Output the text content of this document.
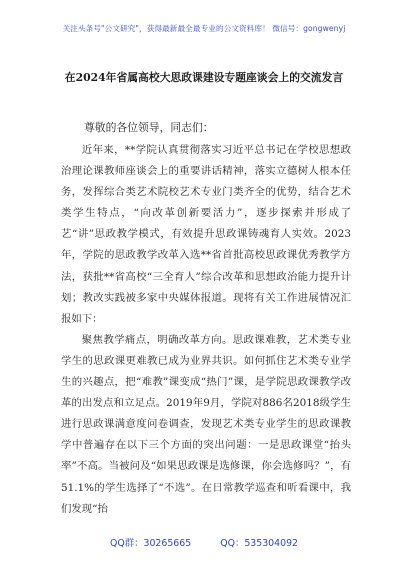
关注头条号"公文研究"，获得最新最全最专业的公文资料库！ 微信号：gongwenyj
在2024年省属高校大思政课建设专题座谈会上的交流发言
尊敬的各位领导，同志们：

近年来，**学院认真贯彻落实习近平总书记在学校思想政治理论课教师座谈会上的重要讲话精神，落实立德树人根本任务，发挥综合类艺术院校艺术专业门类齐全的优势，结合艺术类学生特点，“向改革创新要活力”，逐步探索并形成了艺“讲”思政教学模式，有效提升思政课铸魂育人实效。2023年，学院的思政教学改革入选**省首批高校思政课优秀教学方法，获批**省高校“三全育人”综合改革和思想政治能力提升计划；教改实践被多家中央媒体报道。现将有关工作进展情况汇报如下：

聚焦教学痛点，明确改革方向。思政课难教，艺术类专业学生的思政课更难教已成为业界共识。如何抓住艺术类专业学生的兴趣点，把“难教”课变成“热门”课，是学院思政课教学改革的出发点和立足点。2019年9月，学院对886名2018级学生进行思政课满意度问卷调查，发现艺术类专业学生的思政课教学中普遍存在以下三个方面的突出问题：一是思政课堂“抬头率”不高。当被问及“如果思政课是选修课，你会选修吗？”，有51.1%的学生选择了“不选”。在日常教学巡查和听看课中，我们发现“抬

QQ群：30265665	QQ：535304092
